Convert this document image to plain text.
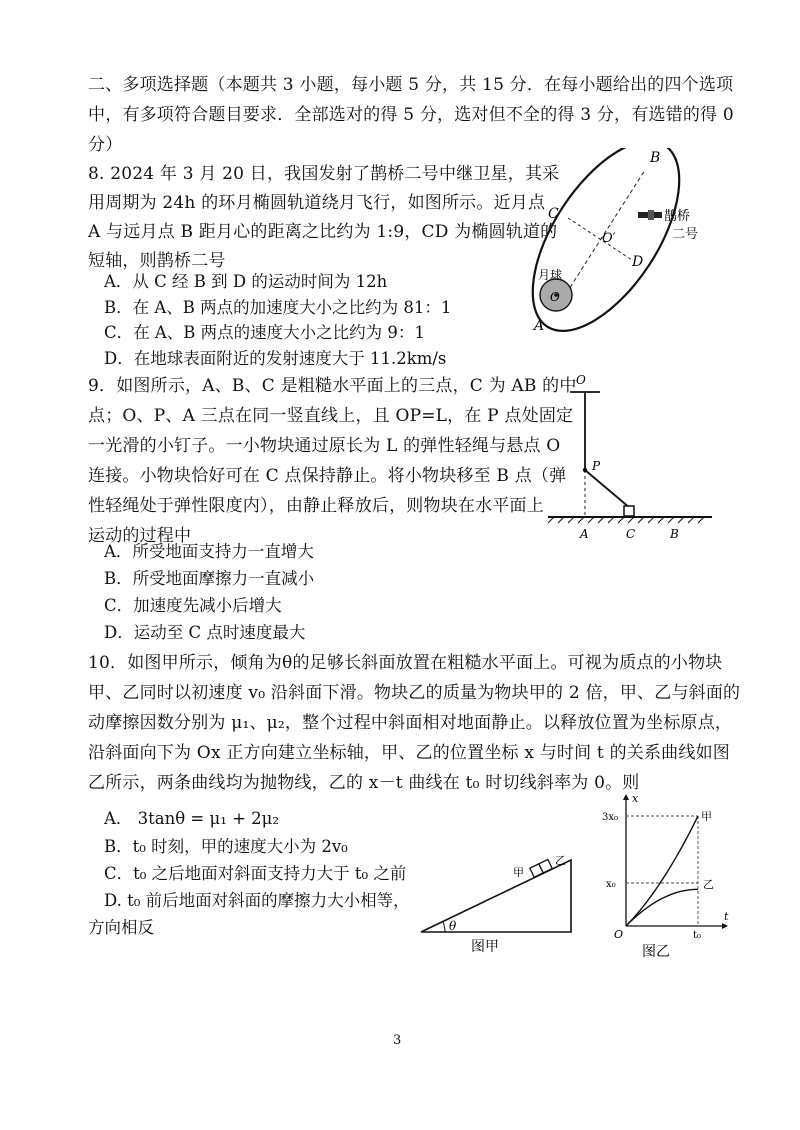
二、多项选择题（本题共 3 小题，每小题 5 分，共 15 分．在每小题给出的四个选项
中，有多项符合题目要求．全部选对的得 5 分，选对但不全的得 3 分，有选错的得 0
分）
8. 2024 年 3 月 20 日，我国发射了鹊桥二号中继卫星，其采
用周期为 24h 的环月椭圆轨道绕月飞行，如图所示。近月点
A 与远月点 B 距月心的距离之比约为 1:9，CD 为椭圆轨道的
短轴，则鹊桥二号
A．从 C 经 B 到 D 的运动时间为 12h
B．在 A、B 两点的加速度大小之比约为 81：1
C．在 A、B 两点的速度大小之比约为 9：1
D．在地球表面附近的发射速度大于 11.2km/s
B
C
D
A
O′
O
月球
鹊桥
二号
9．如图所示，A、B、C 是粗糙水平面上的三点，C 为 AB 的中
点；O、P、A 三点在同一竖直线上，且 OP=L，在 P 点处固定
一光滑的小钉子。一小物块通过原长为 L 的弹性轻绳与悬点 O
连接。小物块恰好可在 C 点保持静止。将小物块移至 B 点（弹
性轻绳处于弹性限度内），由静止释放后，则物块在水平面上
运动的过程中
A．所受地面支持力一直增大
B．所受地面摩擦力一直减小
C．加速度先减小后增大
D．运动至 C 点时速度最大
O
P
A	C	B
10．如图甲所示，倾角为θ的足够长斜面放置在粗糙水平面上。可视为质点的小物块
甲、乙同时以初速度 v₀ 沿斜面下滑。物块乙的质量为物块甲的 2 倍，甲、乙与斜面的
动摩擦因数分别为 μ₁、μ₂，整个过程中斜面相对地面静止。以释放位置为坐标原点，
沿斜面向下为 Ox 正方向建立坐标轴，甲、乙的位置坐标 x 与时间 t 的关系曲线如图
乙所示，两条曲线均为抛物线，乙的 x－t 曲线在 t₀ 时切线斜率为 0。则
A． 3tanθ = μ₁ + 2μ₂
B．t₀ 时刻，甲的速度大小为 2v₀
C．t₀ 之后地面对斜面支持力大于 t₀ 之前
D. t₀ 前后地面对斜面的摩擦力大小相等，
方向相反	θ
甲
乙
图甲
x
t
O
3x₀
x₀
t₀
甲
乙
图乙
3
